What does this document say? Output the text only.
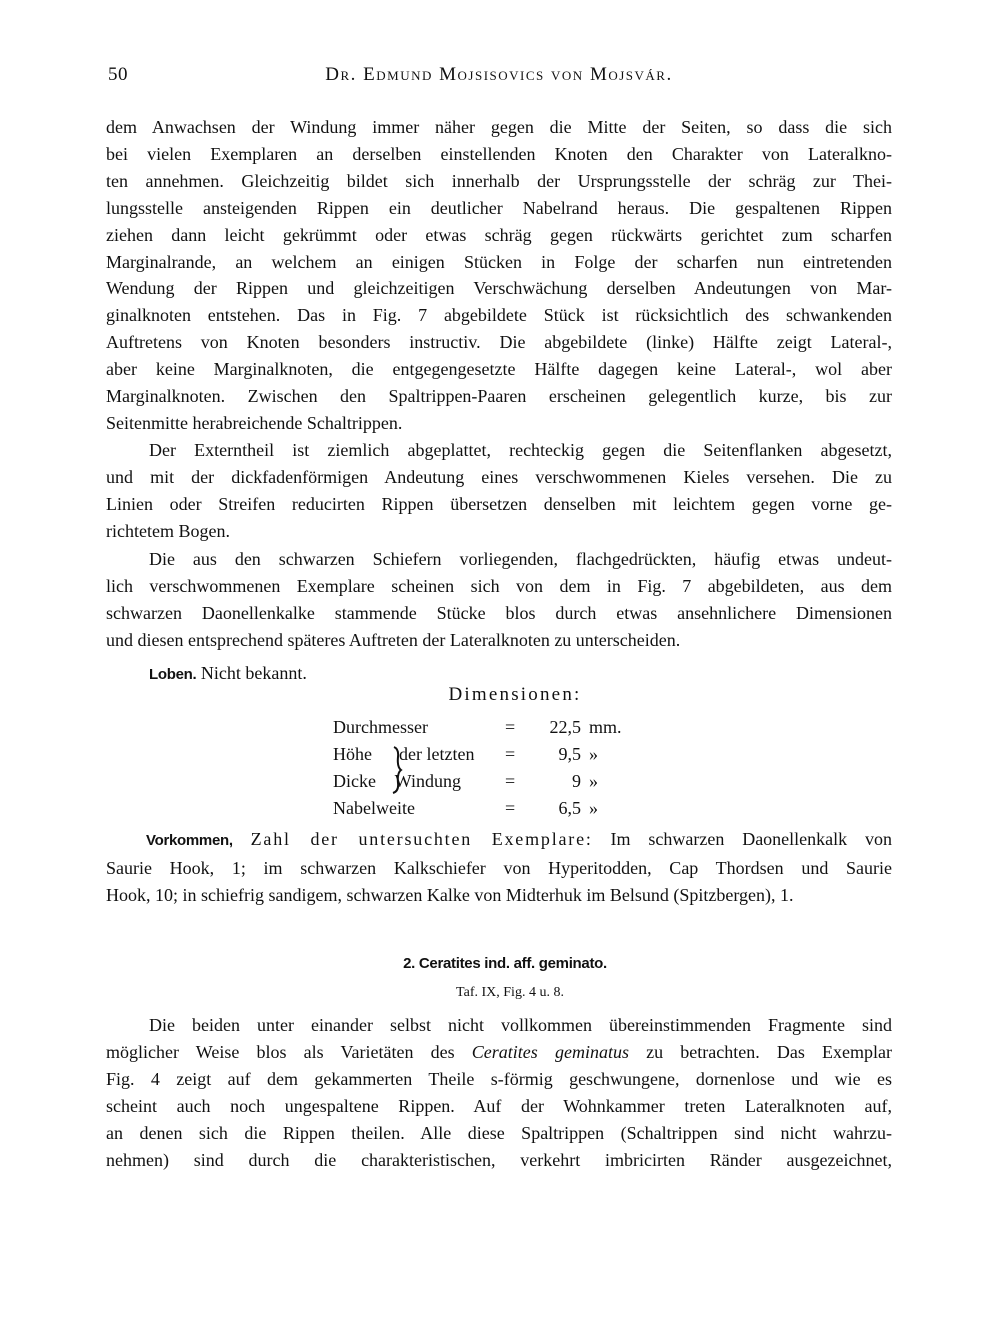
50	Dr. Edmund Mojsisovics von Mojsvár.
dem Anwachsen der Windung immer näher gegen die Mitte der Seiten, so dass die sich
bei vielen Exemplaren an derselben einstellenden Knoten den Charakter von Lateralkno-
ten annehmen. Gleichzeitig bildet sich innerhalb der Ursprungsstelle der schräg zur Thei-
lungsstelle ansteigenden Rippen ein deutlicher Nabelrand heraus. Die gespaltenen Rippen
ziehen dann leicht gekrümmt oder etwas schräg gegen rückwärts gerichtet zum scharfen
Marginalrande, an welchem an einigen Stücken in Folge der scharfen nun eintretenden
Wendung der Rippen und gleichzeitigen Verschwächung derselben Andeutungen von Mar-
ginalknoten entstehen. Das in Fig. 7 abgebildete Stück ist rücksichtlich des schwankenden
Auftretens von Knoten besonders instructiv. Die abgebildete (linke) Hälfte zeigt Lateral-,
aber keine Marginalknoten, die entgegengesetzte Hälfte dagegen keine Lateral-, wol aber
Marginalknoten. Zwischen den Spaltrippen-Paaren erscheinen gelegentlich kurze, bis zur
Seitenmitte herabreichende Schaltrippen.
Der Externtheil ist ziemlich abgeplattet, rechteckig gegen die Seitenflanken abgesetzt,
und mit der dickfadenförmigen Andeutung eines verschwommenen Kieles versehen. Die zu
Linien oder Streifen reducirten Rippen übersetzen denselben mit leichtem gegen vorne ge-
richtetem Bogen.
Die aus den schwarzen Schiefern vorliegenden, flachgedrückten, häufig etwas undeut-
lich verschwommenen Exemplare scheinen sich von dem in Fig. 7 abgebildeten, aus dem
schwarzen Daonellenkalke stammende Stücke blos durch etwas ansehnlichere Dimensionen
und diesen entsprechend späteres Auftreten der Lateralknoten zu unterscheiden.
Loben. Nicht bekannt.
Dimensionen:
Durchmesser	=	22,5 mm.
Höhe der letzten =	9,5 »
Dicke Windung =	9 »
Nabelweite	=	6,5 »
Vorkommen, Zahl der untersuchten Exemplare: Im schwarzen Daonellenkalk von
Saurie Hook, 1; im schwarzen Kalkschiefer von Hyperitodden, Cap Thordsen und Saurie
Hook, 10; in schiefrig sandigem, schwarzen Kalke von Midterhuk im Belsund (Spitzbergen), 1.
2. Ceratites ind. aff. geminato.
Taf. IX, Fig. 4 u. 8.
Die beiden unter einander selbst nicht vollkommen übereinstimmenden Fragmente sind
möglicher Weise blos als Varietäten des Ceratites geminatus zu betrachten. Das Exemplar
Fig. 4 zeigt auf dem gekammerten Theile s-förmig geschwungene, dornenlose und wie es
scheint auch noch ungespaltene Rippen. Auf der Wohnkammer treten Lateralknoten auf,
an denen sich die Rippen theilen. Alle diese Spaltrippen (Schaltrippen sind nicht wahrzu-
nehmen) sind durch die charakteristischen, verkehrt imbricirten Ränder ausgezeichnet,
